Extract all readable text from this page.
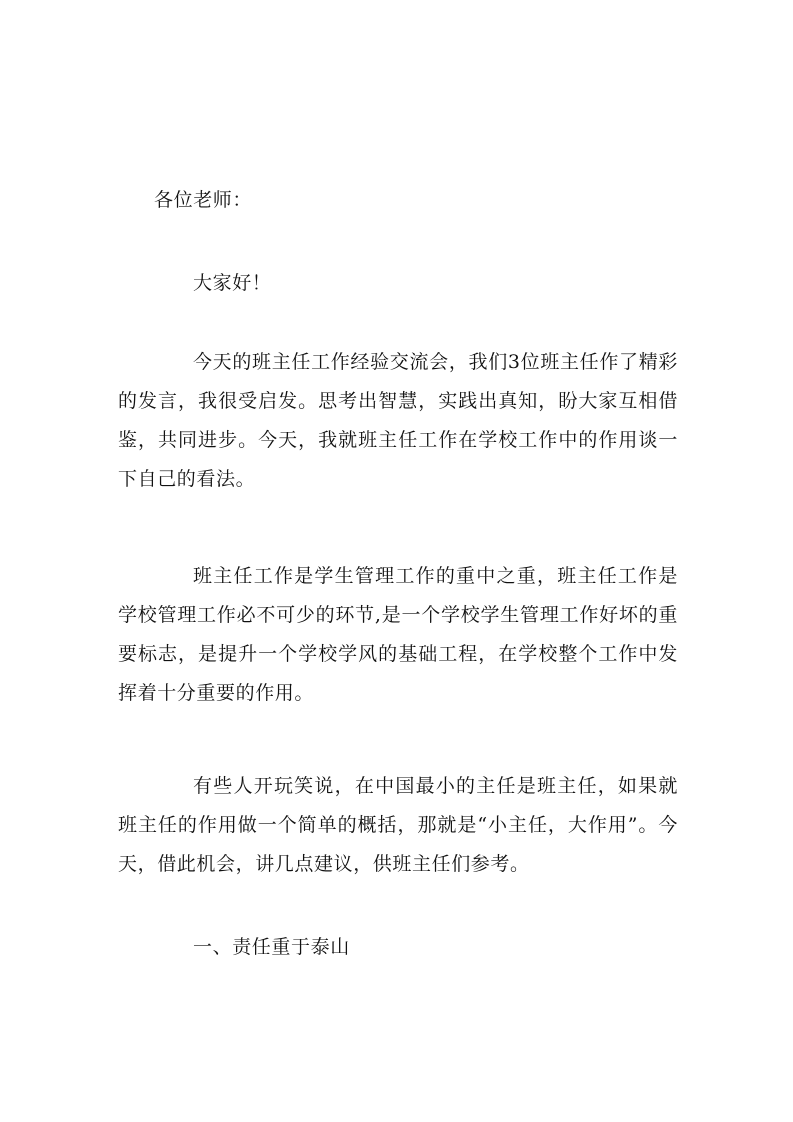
各位老师：
大家好！

今天的班主任工作经验交流会，我们3位班主任作了精彩的发言，我很受启发。思考出智慧，实践出真知，盼大家互相借鉴，共同进步。今天，我就班主任工作在学校工作中的作用谈一下自己的看法。

班主任工作是学生管理工作的重中之重，班主任工作是学校管理工作必不可少的环节,是一个学校学生管理工作好坏的重要标志，是提升一个学校学风的基础工程，在学校整个工作中发挥着十分重要的作用。

有些人开玩笑说，在中国最小的主任是班主任，如果就班主任的作用做一个简单的概括，那就是“小主任，大作用”。今天，借此机会，讲几点建议，供班主任们参考。

一、责任重于泰山
